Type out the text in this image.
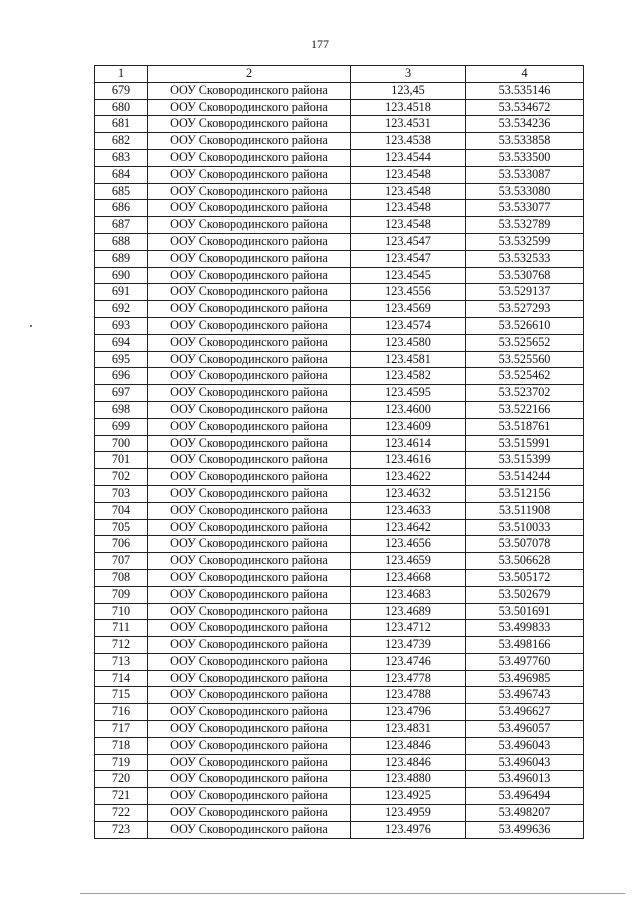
177
1	2	3	4
679	ООУ Сковородинского района	123,45	53.535146
680	ООУ Сковородинского района	123.4518	53.534672
681	ООУ Сковородинского района	123.4531	53.534236
682	ООУ Сковородинского района	123.4538	53.533858
683	ООУ Сковородинского района	123.4544	53.533500
684	ООУ Сковородинского района	123.4548	53.533087
685	ООУ Сковородинского района	123.4548	53.533080
686	ООУ Сковородинского района	123.4548	53.533077
687	ООУ Сковородинского района	123.4548	53.532789
688	ООУ Сковородинского района	123.4547	53.532599
689	ООУ Сковородинского района	123.4547	53.532533
690	ООУ Сковородинского района	123.4545	53.530768
691	ООУ Сковородинского района	123.4556	53.529137
692	ООУ Сковородинского района	123.4569	53.527293
693	ООУ Сковородинского района	123.4574	53.526610
694	ООУ Сковородинского района	123.4580	53.525652
695	ООУ Сковородинского района	123.4581	53.525560
696	ООУ Сковородинского района	123.4582	53.525462
697	ООУ Сковородинского района	123.4595	53.523702
698	ООУ Сковородинского района	123.4600	53.522166
699	ООУ Сковородинского района	123.4609	53.518761
700	ООУ Сковородинского района	123.4614	53.515991
701	ООУ Сковородинского района	123.4616	53.515399
702	ООУ Сковородинского района	123.4622	53.514244
703	ООУ Сковородинского района	123.4632	53.512156
704	ООУ Сковородинского района	123.4633	53.511908
705	ООУ Сковородинского района	123.4642	53.510033
706	ООУ Сковородинского района	123.4656	53.507078
707	ООУ Сковородинского района	123.4659	53.506628
708	ООУ Сковородинского района	123.4668	53.505172
709	ООУ Сковородинского района	123.4683	53.502679
710	ООУ Сковородинского района	123.4689	53.501691
711	ООУ Сковородинского района	123.4712	53.499833
712	ООУ Сковородинского района	123.4739	53.498166
713	ООУ Сковородинского района	123.4746	53.497760
714	ООУ Сковородинского района	123.4778	53.496985
715	ООУ Сковородинского района	123.4788	53.496743
716	ООУ Сковородинского района	123.4796	53.496627
717	ООУ Сковородинского района	123.4831	53.496057
718	ООУ Сковородинского района	123.4846	53.496043
719	ООУ Сковородинского района	123.4846	53.496043
720	ООУ Сковородинского района	123.4880	53.496013
721	ООУ Сковородинского района	123.4925	53.496494
722	ООУ Сковородинского района	123.4959	53.498207
723	ООУ Сковородинского района	123.4976	53.499636
